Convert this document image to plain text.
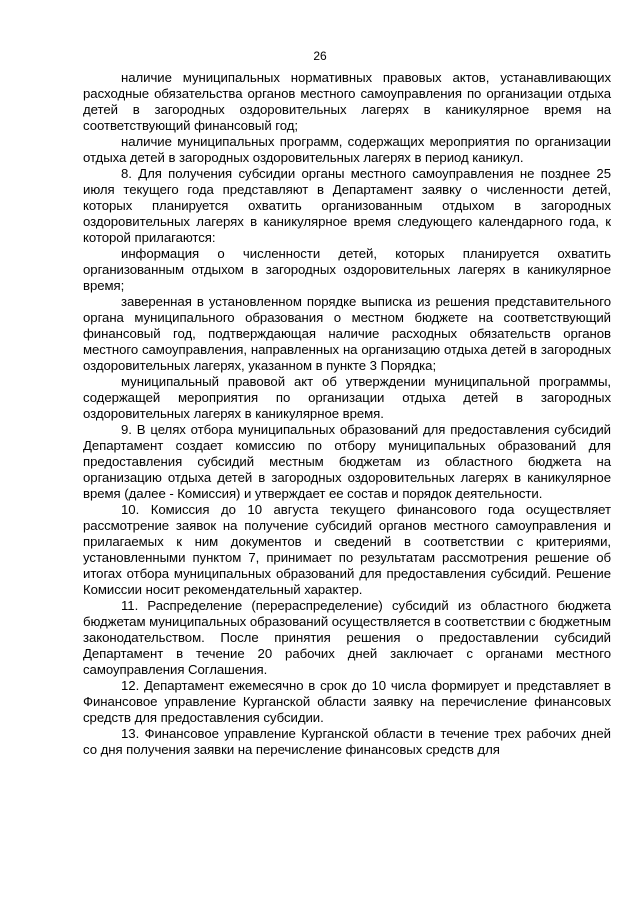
26

наличие муниципальных нормативных правовых актов, устанавливающих расходные обязательства органов местного самоуправления по организации отдыха детей в загородных оздоровительных лагерях в каникулярное время на соответствующий финансовый год;

наличие муниципальных программ, содержащих мероприятия по организации отдыха детей в загородных оздоровительных лагерях в период каникул.

8. Для получения субсидии органы местного самоуправления не позднее 25 июля текущего года представляют в Департамент заявку о численности детей, которых планируется охватить организованным отдыхом в загородных оздоровительных лагерях в каникулярное время следующего календарного года, к которой прилагаются:

информация о численности детей, которых планируется охватить организованным отдыхом в загородных оздоровительных лагерях в каникулярное время;

заверенная в установленном порядке выписка из решения представительного органа муниципального образования о местном бюджете на соответствующий финансовый год, подтверждающая наличие расходных обязательств органов местного самоуправления, направленных на организацию отдыха детей в загородных оздоровительных лагерях, указанном в пункте 3 Порядка;

муниципальный правовой акт об утверждении муниципальной программы, содержащей мероприятия по организации отдыха детей в загородных оздоровительных лагерях в каникулярное время.

9. В целях отбора муниципальных образований для предоставления субсидий Департамент создает комиссию по отбору муниципальных образований для предоставления субсидий местным бюджетам из областного бюджета на организацию отдыха детей в загородных оздоровительных лагерях в каникулярное время (далее - Комиссия) и утверждает ее состав и порядок деятельности.

10. Комиссия до 10 августа текущего финансового года осуществляет рассмотрение заявок на получение субсидий органов местного самоуправления и прилагаемых к ним документов и сведений в соответствии с критериями, установленными пунктом 7, принимает по результатам рассмотрения решение об итогах отбора муниципальных образований для предоставления субсидий. Решение Комиссии носит рекомендательный характер.

11. Распределение (перераспределение) субсидий из областного бюджета бюджетам муниципальных образований осуществляется в соответствии с бюджетным законодательством. После принятия решения о предоставлении субсидий Департамент в течение 20 рабочих дней заключает с органами местного самоуправления Соглашения.

12. Департамент ежемесячно в срок до 10 числа формирует и представляет в Финансовое управление Курганской области заявку на перечисление финансовых средств для предоставления субсидии.

13. Финансовое управление Курганской области в течение трех рабочих дней со дня получения заявки на перечисление финансовых средств для
